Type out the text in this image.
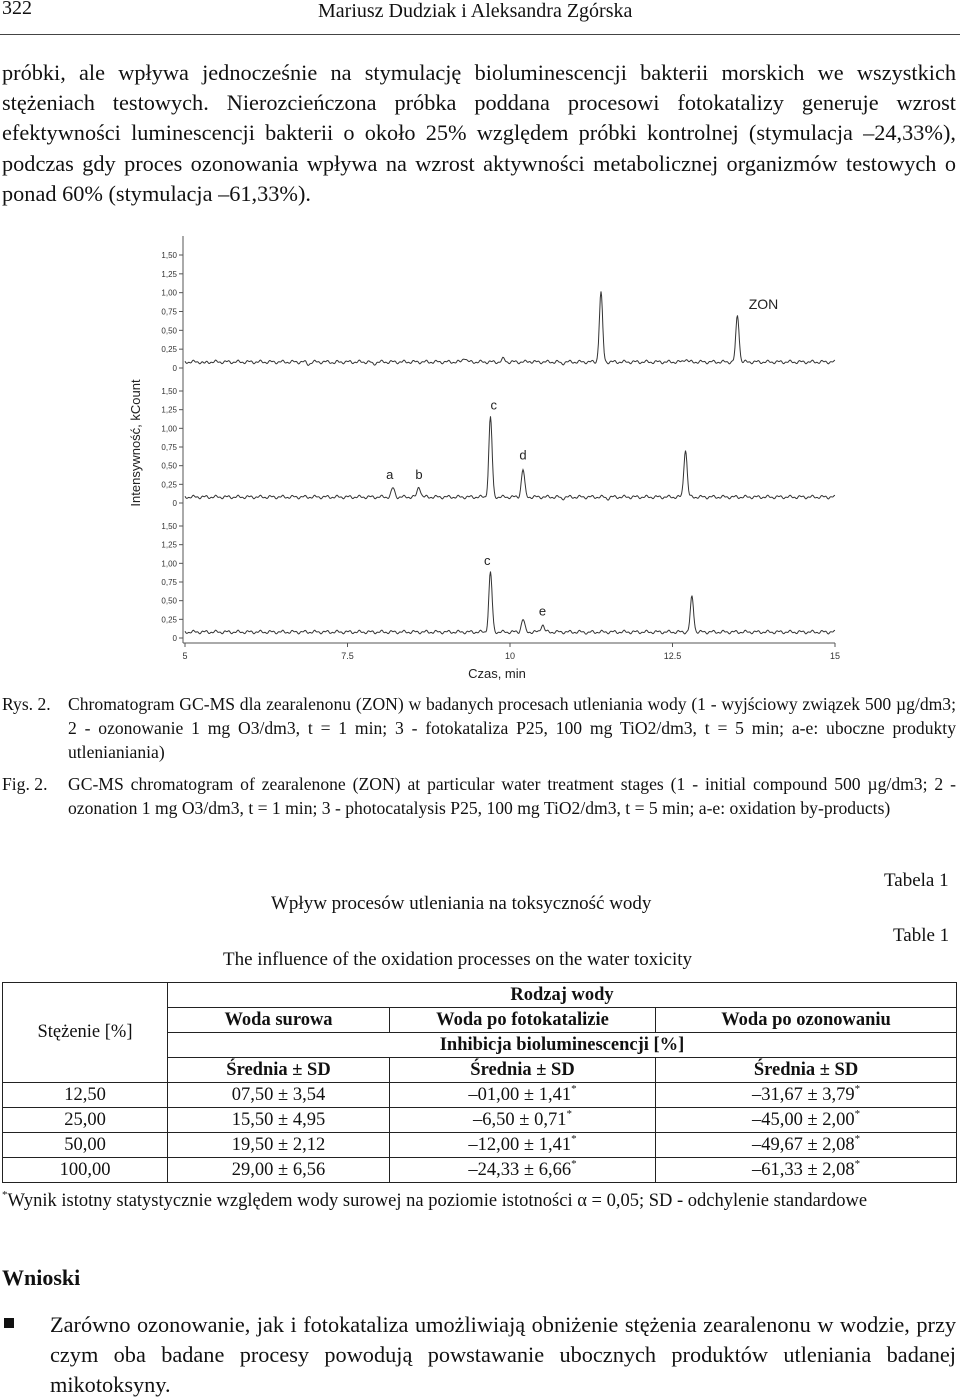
322	Mariusz Dudziak i Aleksandra Zgórska
próbki, ale wpływa jednocześnie na stymulację bioluminescencji bakterii morskich we wszystkich stężeniach testowych. Nierozcieńczona próbka poddana procesowi fotokatalizy generuje wzrost efektywności luminescencji bakterii o około 25% względem próbki kontrolnej (stymulacja –24,33%), podczas gdy proces ozonowania wpływa na wzrost aktywności metabolicznej organizmów testowych o ponad 60% (stymulacja –61,33%).
Intensywność, kCount
0
0,25
0,50
0,75
1,00
1,25
1,50
ZON
0
0,25
0,50
0,75
1,00
1,25
1,50
a b
c
d
0
0,25
0,50
0,75
1,00
1,25
1,50
c
e
5	7.5	10	12.5	15
Czas, min
Rys. 2. Chromatogram GC-MS dla zearalenonu (ZON) w badanych procesach utleniania wody (1 - wyjściowy związek 500 µg/dm3; 2 - ozonowanie 1 mg O3/dm3, t = 1 min; 3 - fotokataliza P25, 100 mg TiO2/dm3, t = 5 min; a-e: uboczne produkty utlenianiania)
Fig. 2.	GC-MS chromatogram of zearalenone (ZON) at particular water treatment stages (1 - initial compound 500 µg/dm3; 2 - ozonation 1 mg O3/dm3, t = 1 min; 3 - photocatalysis P25, 100 mg TiO2/dm3, t = 5 min; a-e: oxidation by-products)
Tabela 1
Wpływ procesów utleniania na toksyczność wody
Table 1
The influence of the oxidation processes on the water toxicity
Stężenie [%]	Rodzaj wody		
	Woda surowa	Woda po fotokatalizie	Woda po ozonowaniu
	Inhibicja bioluminescencji [%]		
	Średnia ± SD	Średnia ± SD	Średnia ± SD
12,50	07,50 ± 3,54	–01,00 ± 1,41*	–31,67 ± 3,79*
25,00	15,50 ± 4,95	–6,50 ± 0,71*	–45,00 ± 2,00*
50,00	19,50 ± 2,12	–12,00 ± 1,41*	–49,67 ± 2,08*
100,00	29,00 ± 6,56	–24,33 ± 6,66*	–61,33 ± 2,08*
*Wynik istotny statystycznie względem wody surowej na poziomie istotności α = 0,05; SD - odchylenie standardowe
Wnioski
Zarówno ozonowanie, jak i fotokataliza umożliwiają obniżenie stężenia zearalenonu w wodzie, przy czym oba badane procesy powodują powstawanie ubocznych produktów utleniania badanej mikotoksyny.
